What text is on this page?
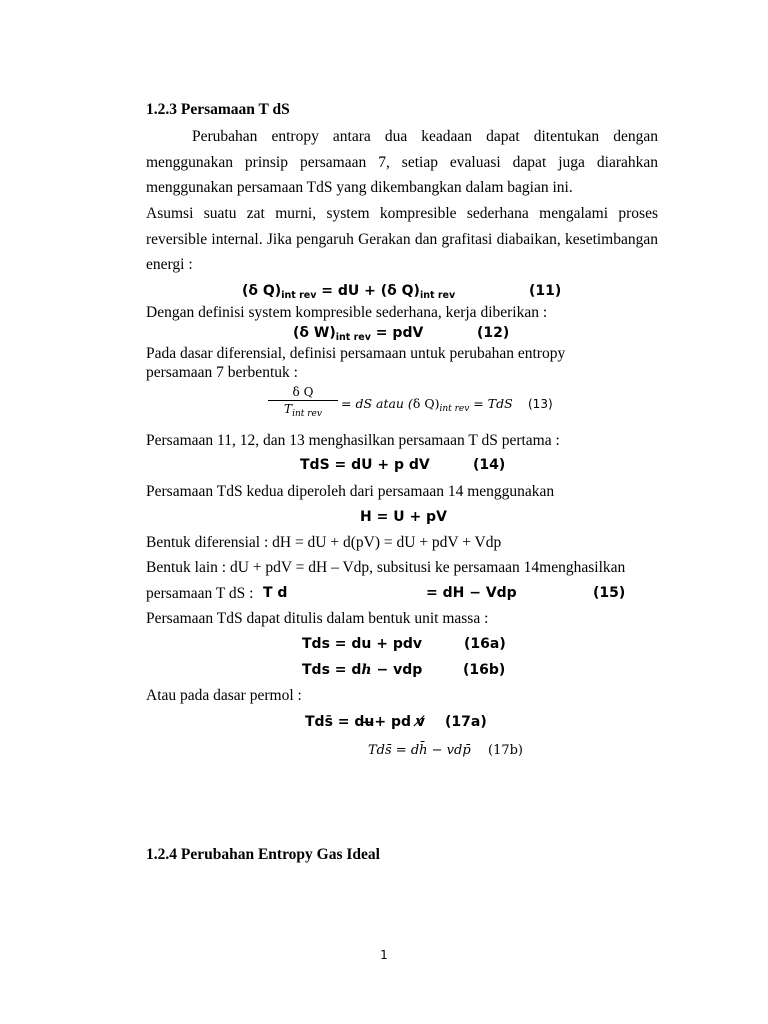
1.2.3 Persamaan T dS
Perubahan entropy antara dua keadaan dapat ditentukan dengan
menggunakan prinsip persamaan 7, setiap evaluasi dapat juga diarahkan
menggunakan persamaan TdS yang dikembangkan dalam bagian ini.
Asumsi suatu zat murni, system kompresible sederhana mengalami proses
reversible internal. Jika pengaruh Gerakan dan grafitasi diabaikan, kesetimbangan
energi :
(δ $Q)_{int rev}$ = dU + (δ $Q)_{int rev}$	(11)
Dengan definisi system kompresible sederhana, kerja diberikan :
(δ $W)_{int rev}$ = pdV	(12)
Pada dasar diferensial, definisi persamaan untuk perubahan entropy
persamaan 7 berbentuk :
δ Q
$T_{int rev}$
= dS atau (δ $Q)_{int rev}$ = TdS (13)
Persamaan 11, 12, dan 13 menghasilkan persamaan T dS pertama :
TdS = dU + p dV	(14)
Persamaan TdS kedua diperoleh dari persamaan 14 menggunakan
H = U + pV
Bentuk diferensial : dH = dU + d(pV) = dU + pdV + Vdp
Bentuk lain : dU + pdV = dH – Vdp, subsitusi ke persamaan 14menghasilkan
persamaan T dS : T d	= dH − Vdp	(15)
Persamaan TdS dapat ditulis dalam bentuk unit massa :
Tds = du + pdv	(16a)
Tds = dh − vdp	(16b)
Atau pada dasar permol :
Tds̄ = du̶+ pd v̸ (17a)
Tds̄ = dh̄ − vdp̄ (17b)
1.2.4 Perubahan Entropy Gas Ideal
1
